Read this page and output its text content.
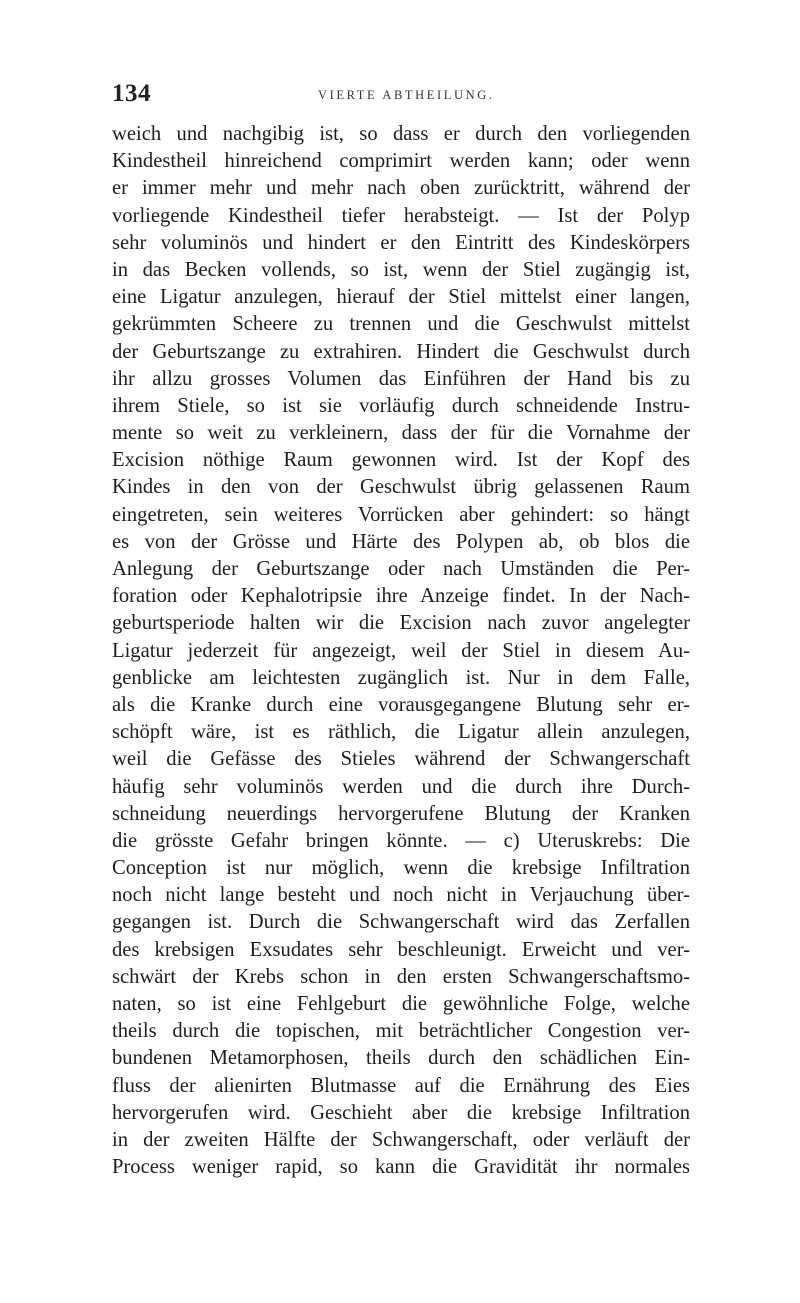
134	VIERTE ABTHEILUNG.
weich und nachgibig ist, so dass er durch den vorliegenden
Kindestheil hinreichend comprimirt werden kann; oder wenn
er immer mehr und mehr nach oben zurücktritt, während der
vorliegende Kindestheil tiefer herabsteigt. — Ist der Polyp
sehr voluminös und hindert er den Eintritt des Kindeskörpers
in das Becken vollends, so ist, wenn der Stiel zugängig ist,
eine Ligatur anzulegen, hierauf der Stiel mittelst einer langen,
gekrümmten Scheere zu trennen und die Geschwulst mittelst
der Geburtszange zu extrahiren. Hindert die Geschwulst durch
ihr allzu grosses Volumen das Einführen der Hand bis zu
ihrem Stiele, so ist sie vorläufig durch schneidende Instru-
mente so weit zu verkleinern, dass der für die Vornahme der
Excision nöthige Raum gewonnen wird. Ist der Kopf des
Kindes in den von der Geschwulst übrig gelassenen Raum
eingetreten, sein weiteres Vorrücken aber gehindert: so hängt
es von der Grösse und Härte des Polypen ab, ob blos die
Anlegung der Geburtszange oder nach Umständen die Per-
foration oder Kephalotripsie ihre Anzeige findet. In der Nach-
geburtsperiode halten wir die Excision nach zuvor angelegter
Ligatur jederzeit für angezeigt, weil der Stiel in diesem Au-
genblicke am leichtesten zugänglich ist. Nur in dem Falle,
als die Kranke durch eine vorausgegangene Blutung sehr er-
schöpft wäre, ist es räthlich, die Ligatur allein anzulegen,
weil die Gefässe des Stieles während der Schwangerschaft
häufig sehr voluminös werden und die durch ihre Durch-
schneidung neuerdings hervorgerufene Blutung der Kranken
die grösste Gefahr bringen könnte. — c) Uteruskrebs: Die
Conception ist nur möglich, wenn die krebsige Infiltration
noch nicht lange besteht und noch nicht in Verjauchung über-
gegangen ist. Durch die Schwangerschaft wird das Zerfallen
des krebsigen Exsudates sehr beschleunigt. Erweicht und ver-
schwärt der Krebs schon in den ersten Schwangerschaftsmo-
naten, so ist eine Fehlgeburt die gewöhnliche Folge, welche
theils durch die topischen, mit beträchtlicher Congestion ver-
bundenen Metamorphosen, theils durch den schädlichen Ein-
fluss der alienirten Blutmasse auf die Ernährung des Eies
hervorgerufen wird. Geschieht aber die krebsige Infiltration
in der zweiten Hälfte der Schwangerschaft, oder verläuft der
Process weniger rapid, so kann die Gravidität ihr normales
